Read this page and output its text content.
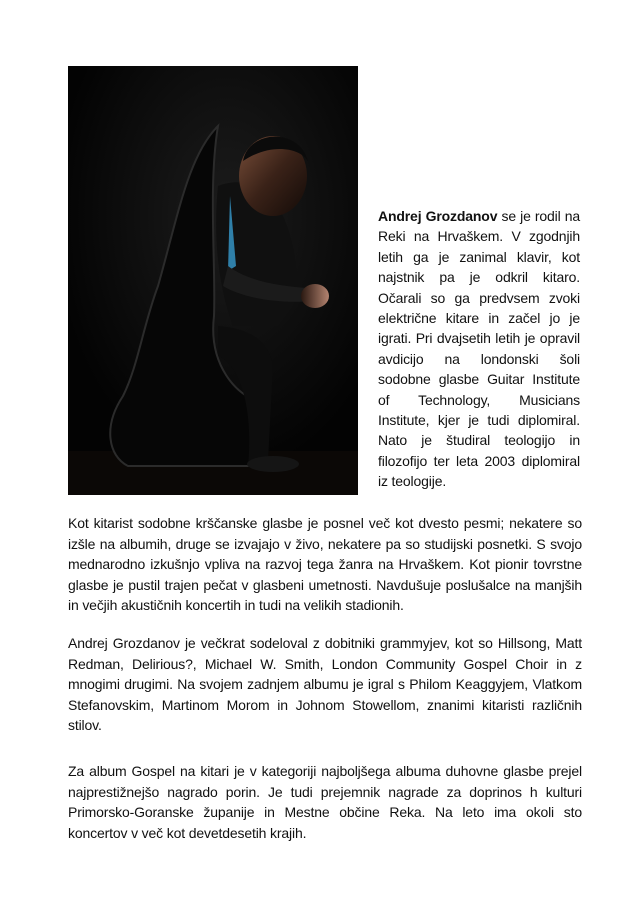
Andrej Grozdanov se je rodil na Reki na Hrvaškem. V zgodnjih letih ga je zanimal klavir, kot najstnik pa je odkril kitaro. Očarali so ga predvsem zvoki električne kitare in začel jo je igrati. Pri dvajsetih letih je opravil avdicijo na londonski šoli sodobne glasbe Guitar Institute of Technology, Musicians Institute, kjer je tudi diplomiral. Nato je študiral teologijo in filozofijo ter leta 2003 diplomiral iz teologije.

Kot kitarist sodobne krščanske glasbe je posnel več kot dvesto pesmi; nekatere so izšle na albumih, druge se izvajajo v živo, nekatere pa so studijski posnetki. S svojo mednarodno izkušnjo vpliva na razvoj tega žanra na Hrvaškem. Kot pionir tovrstne glasbe je pustil trajen pečat v glasbeni umetnosti. Navdušuje poslušalce na manjših in večjih akustičnih koncertih in tudi na velikih stadionih.

Andrej Grozdanov je večkrat sodeloval z dobitniki grammyjev, kot so Hillsong, Matt Redman, Delirious?, Michael W. Smith, London Community Gospel Choir in z mnogimi drugimi. Na svojem zadnjem albumu je igral s Philom Keaggyjem, Vlatkom Stefanovskim, Martinom Morom in Johnom Stowellom, znanimi kitaristi različnih stilov.

Za album Gospel na kitari je v kategoriji najboljšega albuma duhovne glasbe prejel najprestižnejšo nagrado porin. Je tudi prejemnik nagrade za doprinos h kulturi Primorsko-Goranske županije in Mestne občine Reka. Na leto ima okoli sto koncertov v več kot devetdesetih krajih.
